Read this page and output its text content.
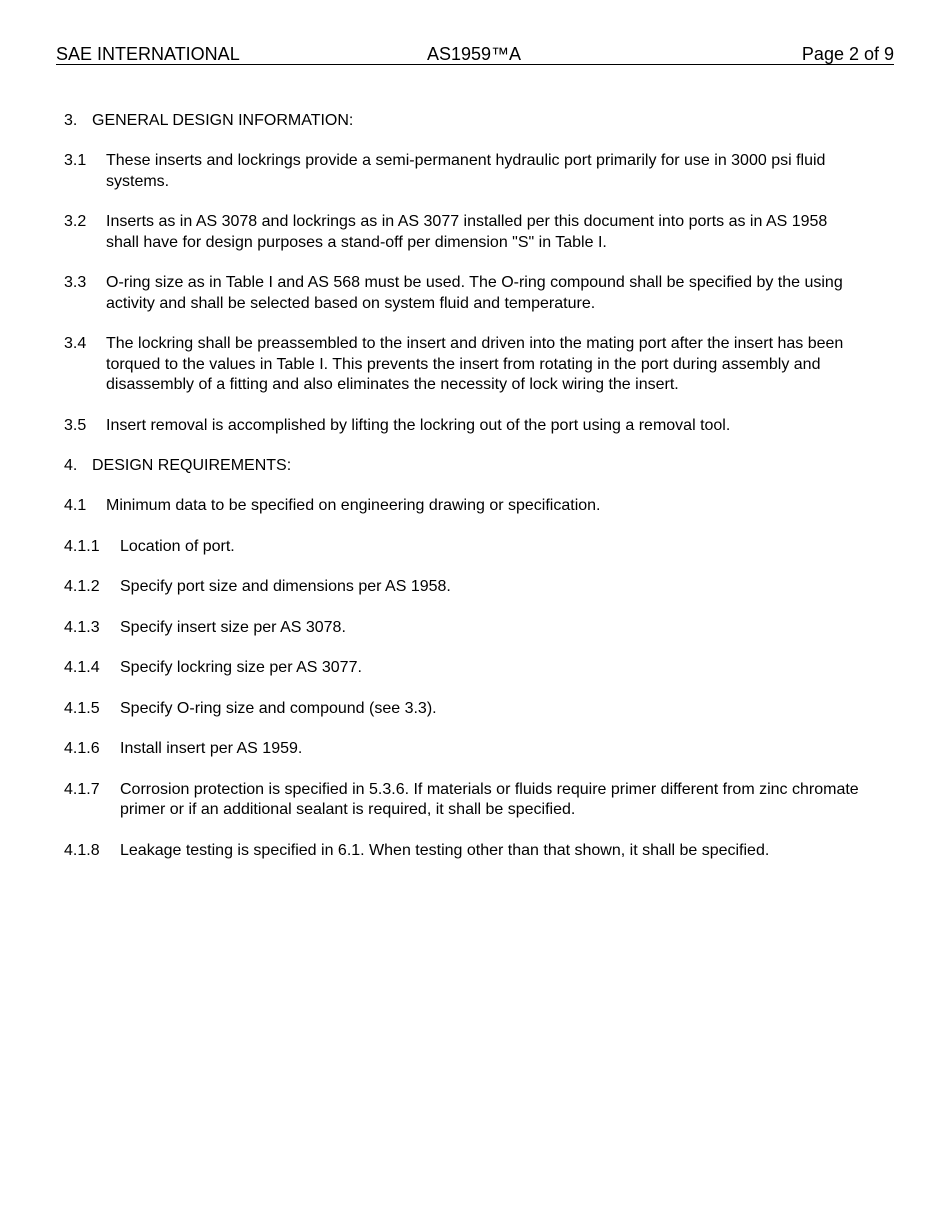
SAE INTERNATIONAL	AS1959™A	Page 2 of 9
3. GENERAL DESIGN INFORMATION:
3.1	These inserts and lockrings provide a semi-permanent hydraulic port primarily for use in 3000 psi fluid systems.
3.2	Inserts as in AS 3078 and lockrings as in AS 3077 installed per this document into ports as in AS 1958 shall have for design purposes a stand-off per dimension "S" in Table I.
3.3	O-ring size as in Table I and AS 568 must be used. The O-ring compound shall be specified by the using activity and shall be selected based on system fluid and temperature.
3.4	The lockring shall be preassembled to the insert and driven into the mating port after the insert has been torqued to the values in Table I. This prevents the insert from rotating in the port during assembly and disassembly of a fitting and also eliminates the necessity of lock wiring the insert.
3.5	Insert removal is accomplished by lifting the lockring out of the port using a removal tool.
4. DESIGN REQUIREMENTS:
4.1	Minimum data to be specified on engineering drawing or specification.
4.1.1	Location of port.
4.1.2	Specify port size and dimensions per AS 1958.
4.1.3	Specify insert size per AS 3078.
4.1.4	Specify lockring size per AS 3077.
4.1.5	Specify O-ring size and compound (see 3.3).
4.1.6	Install insert per AS 1959.
4.1.7	Corrosion protection is specified in 5.3.6. If materials or fluids require primer different from zinc chromate primer or if an additional sealant is required, it shall be specified.
4.1.8	Leakage testing is specified in 6.1. When testing other than that shown, it shall be specified.
